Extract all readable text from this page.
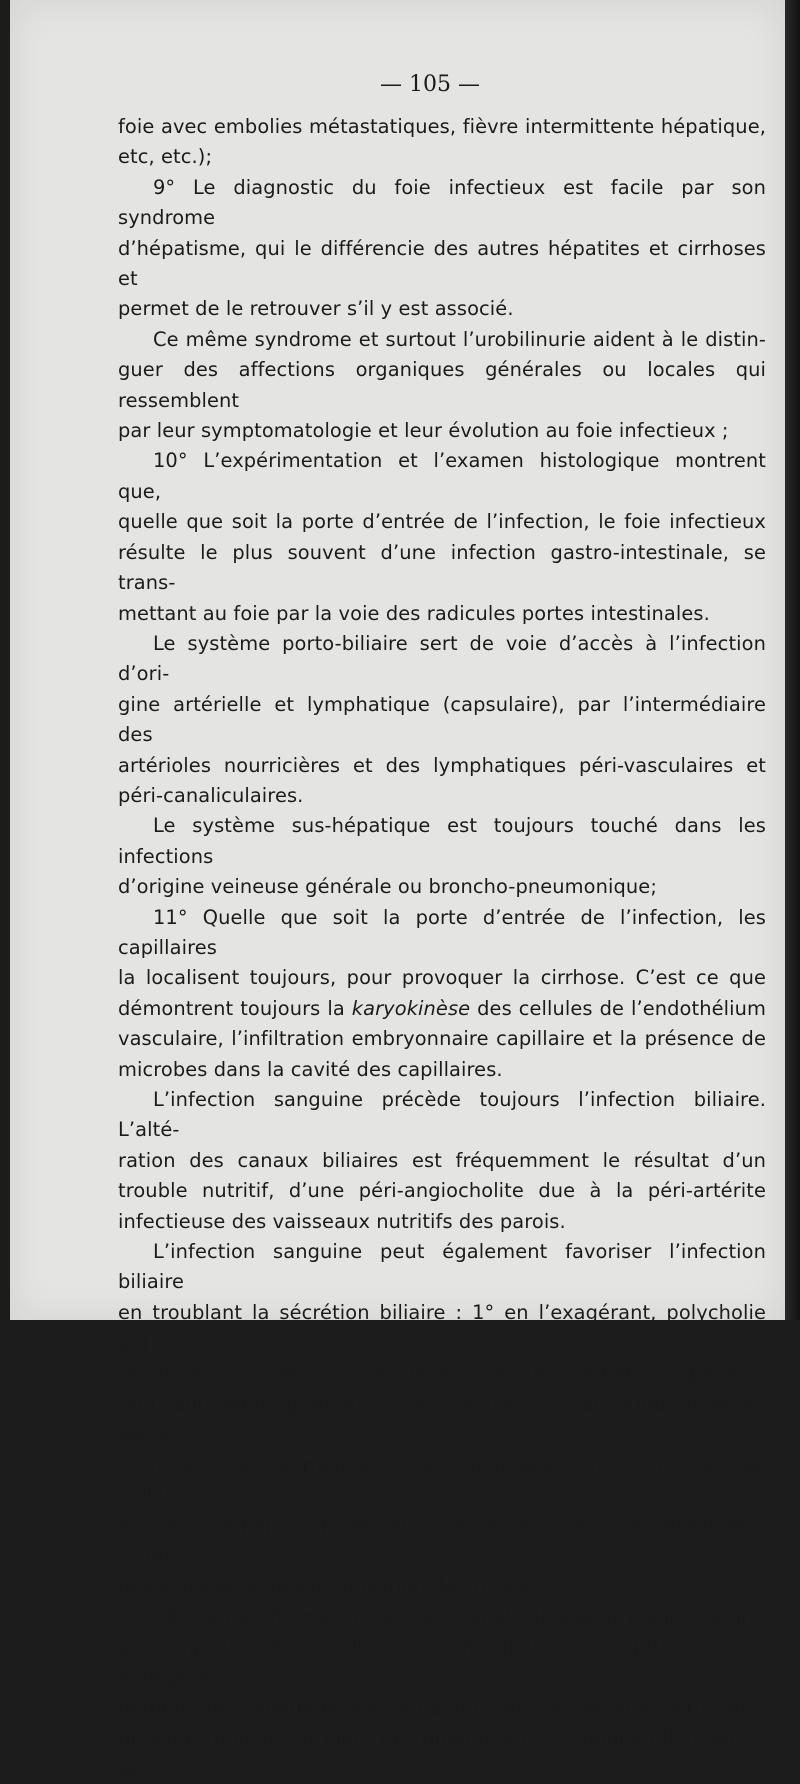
— 105 —

foie avec embolies métastatiques, fièvre intermittente hépatique,
etc, etc.);

9° Le diagnostic du foie infectieux est facile par son syndrome
d’hépatisme, qui le différencie des autres hépatites et cirrhoses et
permet de le retrouver s’il y est associé.

Ce même syndrome et surtout l’urobilinurie aident à le distin-
guer des affections organiques générales ou locales qui ressemblent
par leur symptomatologie et leur évolution au foie infectieux ;

10° L’expérimentation et l’examen histologique montrent que,
quelle que soit la porte d’entrée de l’infection, le foie infectieux
résulte le plus souvent d’une infection gastro-intestinale, se trans-
mettant au foie par la voie des radicules portes intestinales.

Le système porto-biliaire sert de voie d’accès à l’infection d’ori-
gine artérielle et lymphatique (capsulaire), par l’intermédiaire des
artérioles nourricières et des lymphatiques péri-vasculaires et
péri-canaliculaires.

Le système sus-hépatique est toujours touché dans les infections
d’origine veineuse générale ou broncho-pneumonique;

11° Quelle que soit la porte d’entrée de l’infection, les capillaires
la localisent toujours, pour provoquer la cirrhose. C’est ce que
démontrent toujours la karyokinèse des cellules de l’endothélium
vasculaire, l’infiltration embryonnaire capillaire et la présence de
microbes dans la cavité des capillaires.

L’infection sanguine précède toujours l’infection biliaire. L’alté-
ration des canaux biliaires est fréquemment le résultat d’un
trouble nutritif, d’une péri-angiocholite due à la péri-artérite
infectieuse des vaisseaux nutritifs des parois.

L’infection sanguine peut également favoriser l’infection biliaire
en troublant la sécrétion biliaire : 1° en l’exagérant, polycholie par
irritation et prolifération cellulaire; 2° en la modifiant : pigmenta-
tion, surcharge graisseuse des cellules; 3° en supprimant sa sécré-
tion, acholie pigmentaire par dégénérescence ou nécrose cellulaire;
4° en modifiant son excrétion et déterminant sa rétention : throm-
boses biliaires, désorganisation des travées.

12° La néo-formation des néo-canalicules peut résulter d’une
péri-angiocholite canaliculaire entraînant la rupture et le bourgeon-
nement des canaux préexistants qui, dans le foie infectieux, sont
presque toujours atteints de tuméfaction, de boursouflement et de
